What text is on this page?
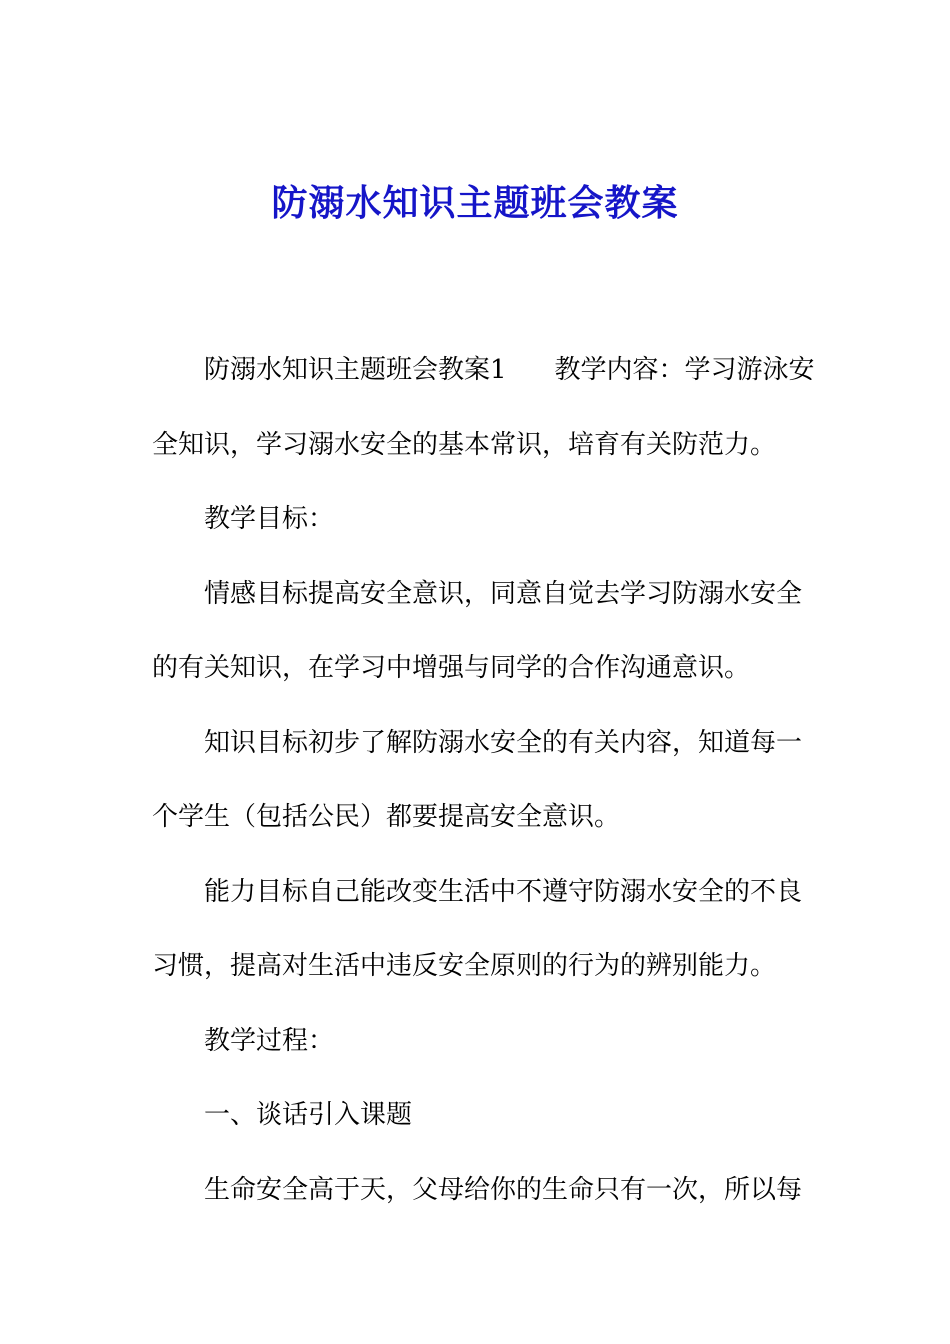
防溺水知识主题班会教案

防溺水知识主题班会教案1 教学内容：学习游泳安

全知识，学习溺水安全的基本常识，培育有关防范力。

教学目标：

情感目标提高安全意识，同意自觉去学习防溺水安全

的有关知识，在学习中增强与同学的合作沟通意识。

知识目标初步了解防溺水安全的有关内容，知道每一

个学生（包括公民）都要提高安全意识。

能力目标自己能改变生活中不遵守防溺水安全的不良

习惯，提高对生活中违反安全原则的行为的辨别能力。

教学过程：

一、谈话引入课题

生命安全高于天，父母给你的生命只有一次，所以每
